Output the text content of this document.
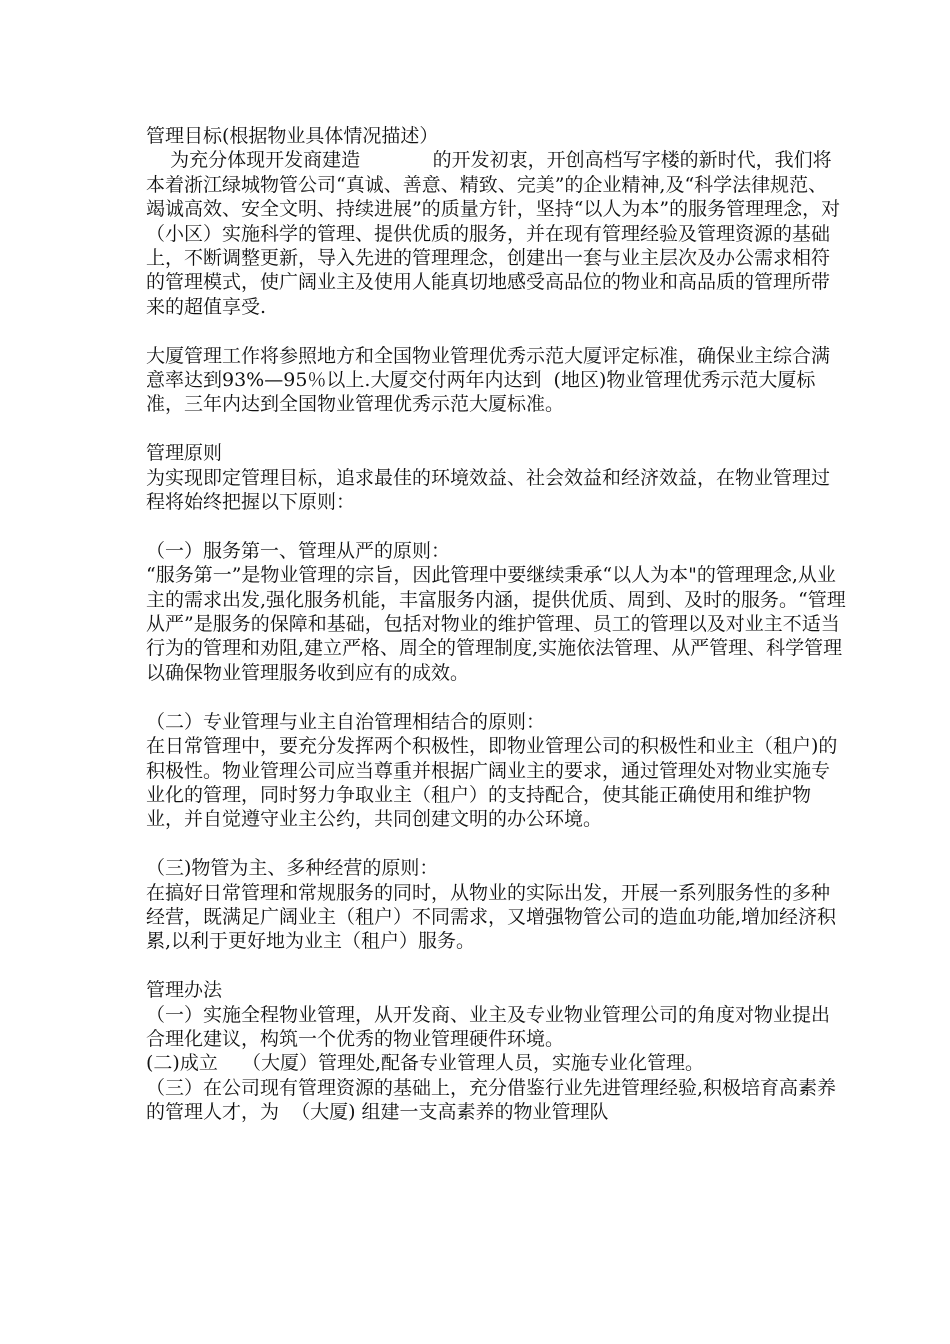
管理目标(根据物业具体情况描述）

为充分体现开发商建造            的开发初衷，开创高档写字楼的新时代，我们将本着浙江绿城物管公司“真诚、善意、精致、完美”的企业精神,及“科学法律规范、竭诚高效、安全文明、持续进展”的质量方针，坚持“以人为本”的服务管理理念，对      （小区）实施科学的管理、提供优质的服务，并在现有管理经验及管理资源的基础上，不断调整更新，导入先进的管理理念，创建出一套与业主层次及办公需求相符的管理模式，使广阔业主及使用人能真切地感受高品位的物业和高品质的管理所带来的超值享受.

大厦管理工作将参照地方和全国物业管理优秀示范大厦评定标准，确保业主综合满意率达到93%—95％以上.大厦交付两年内达到  (地区)物业管理优秀示范大厦标准，三年内达到全国物业管理优秀示范大厦标准。

管理原则

为实现即定管理目标，追求最佳的环境效益、社会效益和经济效益，在物业管理过程将始终把握以下原则：

（一）服务第一、管理从严的原则：

“服务第一”是物业管理的宗旨，因此管理中要继续秉承“以人为本"的管理理念,从业主的需求出发,强化服务机能，丰富服务内涵，提供优质、周到、及时的服务。“管理从严”是服务的保障和基础，包括对物业的维护管理、员工的管理以及对业主不适当行为的管理和劝阻,建立严格、周全的管理制度,实施依法管理、从严管理、科学管理以确保物业管理服务收到应有的成效。

（二）专业管理与业主自治管理相结合的原则：

在日常管理中，要充分发挥两个积极性，即物业管理公司的积极性和业主（租户)的积极性。物业管理公司应当尊重并根据广阔业主的要求，通过管理处对物业实施专业化的管理，同时努力争取业主（租户）的支持配合，使其能正确使用和维护物业，并自觉遵守业主公约，共同创建文明的办公环境。

（三)物管为主、多种经营的原则：

在搞好日常管理和常规服务的同时，从物业的实际出发，开展一系列服务性的多种经营，既满足广阔业主（租户）不同需求，又增强物管公司的造血功能,增加经济积累,以利于更好地为业主（租户）服务。

管理办法

（一）实施全程物业管理，从开发商、业主及专业物业管理公司的角度对物业提出合理化建议，构筑一个优秀的物业管理硬件环境。

(二)成立    （大厦）管理处,配备专业管理人员，实施专业化管理。

（三）在公司现有管理资源的基础上，充分借鉴行业先进管理经验,积极培育高素养的管理人才，为  （大厦) 组建一支高素养的物业管理队
